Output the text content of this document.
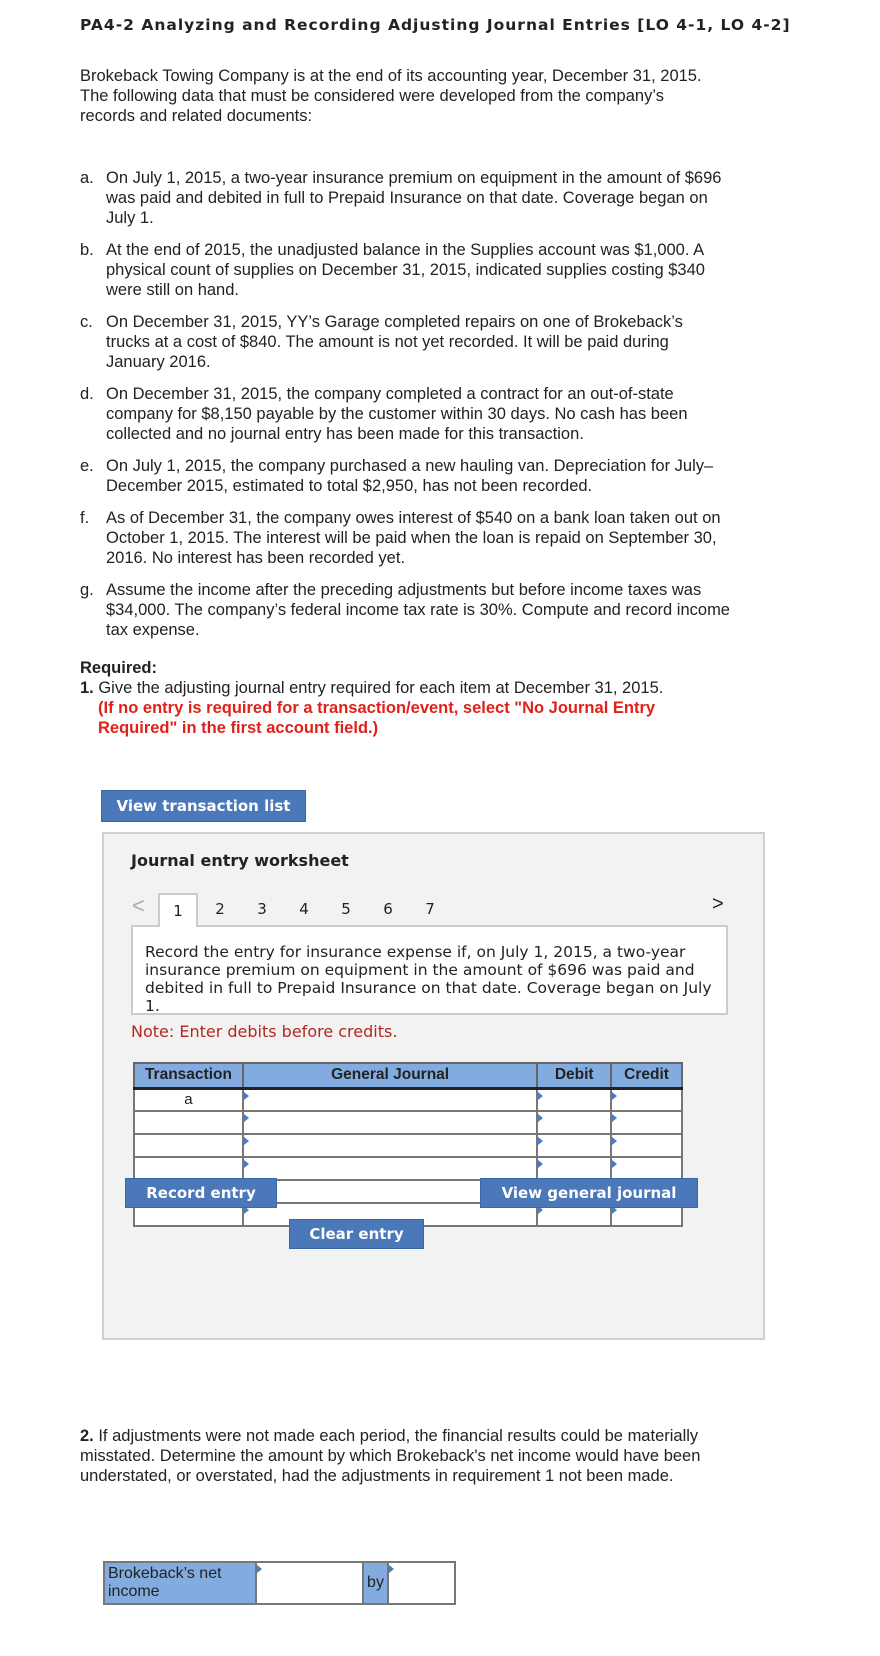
PA4-2 Analyzing and Recording Adjusting Journal Entries [LO 4-1, LO 4-2]
Brokeback Towing Company is at the end of its accounting year, December 31, 2015. The following data that must be considered were developed from the company’s records and related documents:
a. On July 1, 2015, a two-year insurance premium on equipment in the amount of $696 was paid and debited in full to Prepaid Insurance on that date. Coverage began on July 1.
b. At the end of 2015, the unadjusted balance in the Supplies account was $1,000. A physical count of supplies on December 31, 2015, indicated supplies costing $340 were still on hand.
c. On December 31, 2015, YY’s Garage completed repairs on one of Brokeback’s trucks at a cost of $840. The amount is not yet recorded. It will be paid during January 2016.
d. On December 31, 2015, the company completed a contract for an out-of-state company for $8,150 payable by the customer within 30 days. No cash has been collected and no journal entry has been made for this transaction.
e. On July 1, 2015, the company purchased a new hauling van. Depreciation for July–December 2015, estimated to total $2,950, has not been recorded.
f.	As of December 31, the company owes interest of $540 on a bank loan taken out on October 1, 2015. The interest will be paid when the loan is repaid on September 30, 2016. No interest has been recorded yet.
g. Assume the income after the preceding adjustments but before income taxes was $34,000. The company’s federal income tax rate is 30%. Compute and record income tax expense.
Required:
1. Give the adjusting journal entry required for each item at December 31, 2015.
(If no entry is required for a transaction/event, select "No Journal Entry Required" in the first account field.)
View transaction list
Journal entry worksheet
<	>
1	2	3	4	5	6	7
Record the entry for insurance expense if, on July 1, 2015, a two-year insurance premium on equipment in the amount of $696 was paid and debited in full to Prepaid Insurance on that date. Coverage began on July 1.
Note: Enter debits before credits.
Transaction	General Journal	Debit	Credit
a	

Record entry	View general journal
Clear entry
2. If adjustments were not made each period, the financial results could be materially misstated. Determine the amount by which Brokeback's net income would have been understated, or overstated, had the adjustments in requirement 1 not been made.
Brokeback’s net income	
	by	
